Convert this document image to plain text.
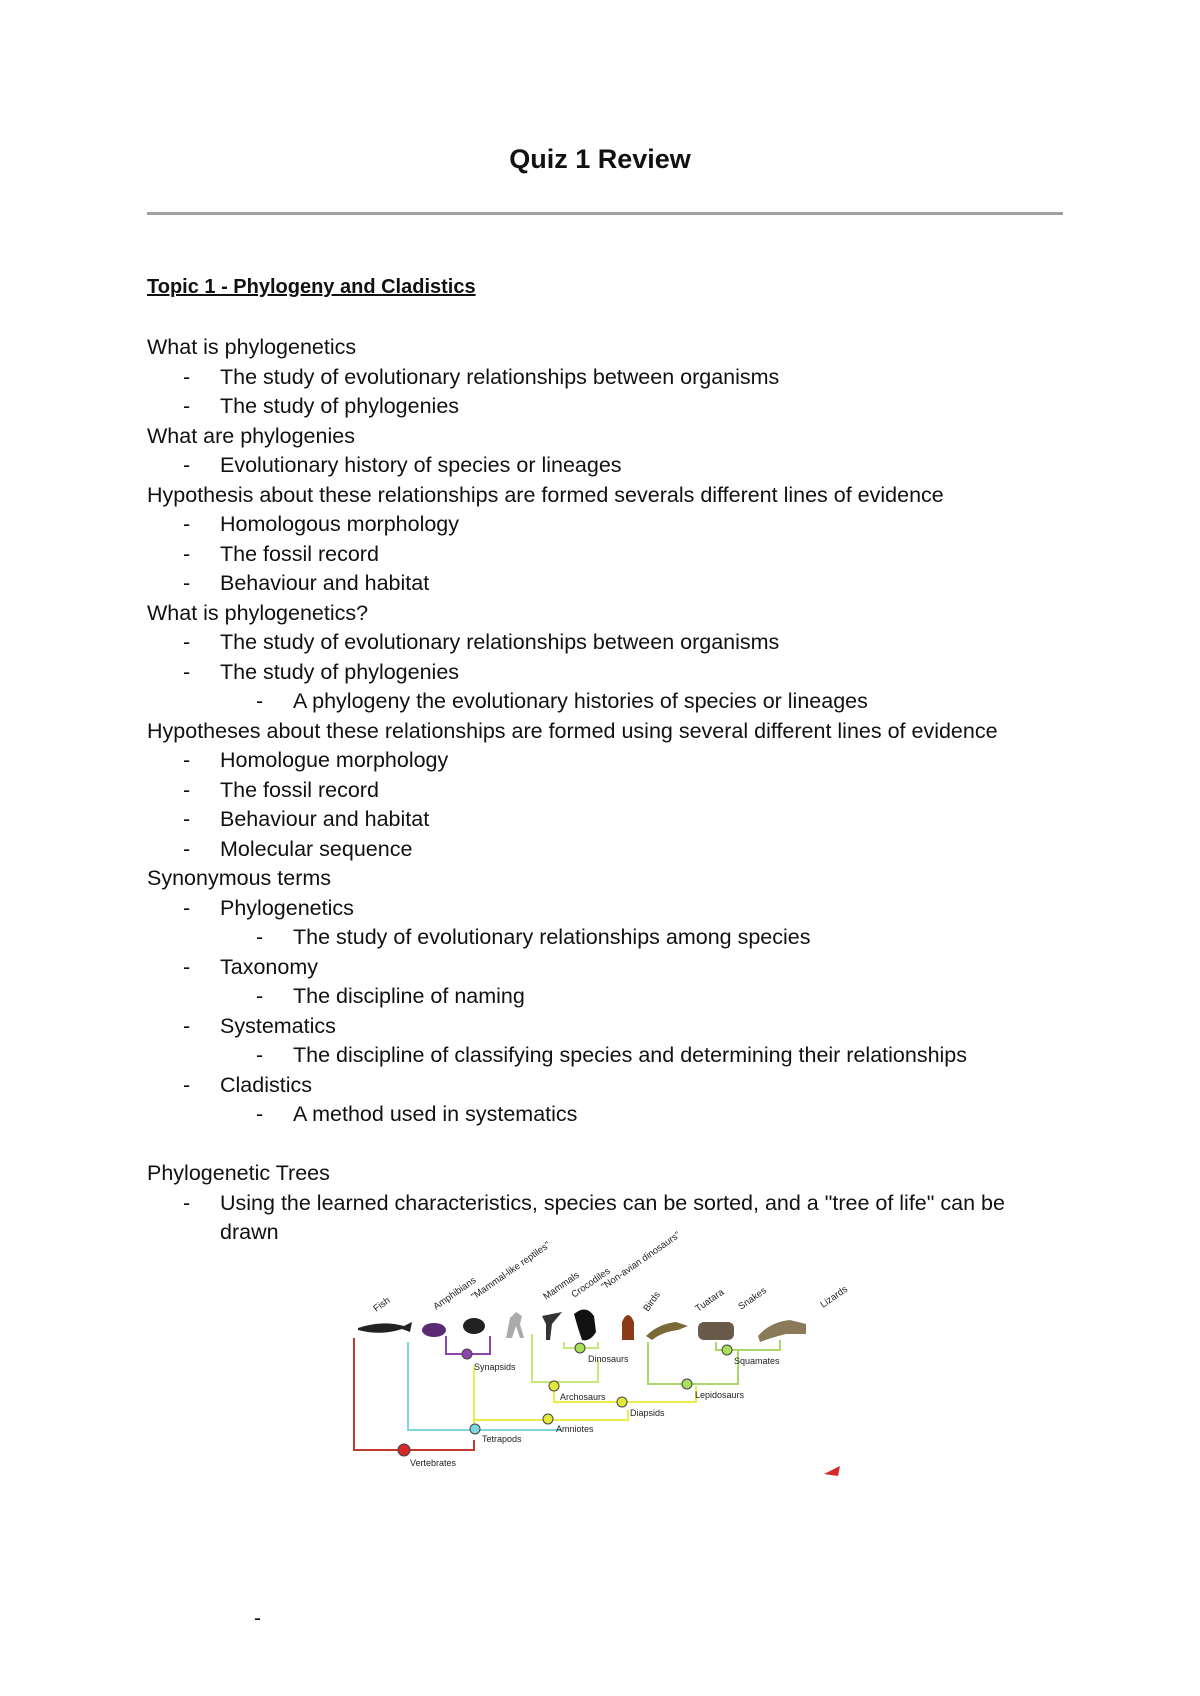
Quiz 1 Review
Topic 1 - Phylogeny and Cladistics
What is phylogenetics
- The study of evolutionary relationships between organisms
- The study of phylogenies
What are phylogenies
- Evolutionary history of species or lineages
Hypothesis about these relationships are formed severals different lines of evidence
- Homologous morphology
- The fossil record
- Behaviour and habitat
What is phylogenetics?
- The study of evolutionary relationships between organisms
- The study of phylogenies
- A phylogeny the evolutionary histories of species or lineages
Hypotheses about these relationships are formed using several different lines of evidence
- Homologue morphology
- The fossil record
- Behaviour and habitat
- Molecular sequence
Synonymous terms
- Phylogenetics
- The study of evolutionary relationships among species
- Taxonomy
- The discipline of naming
- Systematics
- The discipline of classifying species and determining their relationships
- Cladistics
- A method used in systematics
Phylogenetic Trees
- Using the learned characteristics, species can be sorted, and a "tree of life" can be drawn
Fish	Amphibians
"Mammal-like reptiles"
Mammals
Crocodiles
"Non-avian dinosaurs"
Birds	Tuatara Snakes	Lizards
Vertebrates
Tetrapods
Amniotes
Synapsids
Diapsids
Archosaurs
Dinosaurs
Lepidosaurs
Squamates
-
